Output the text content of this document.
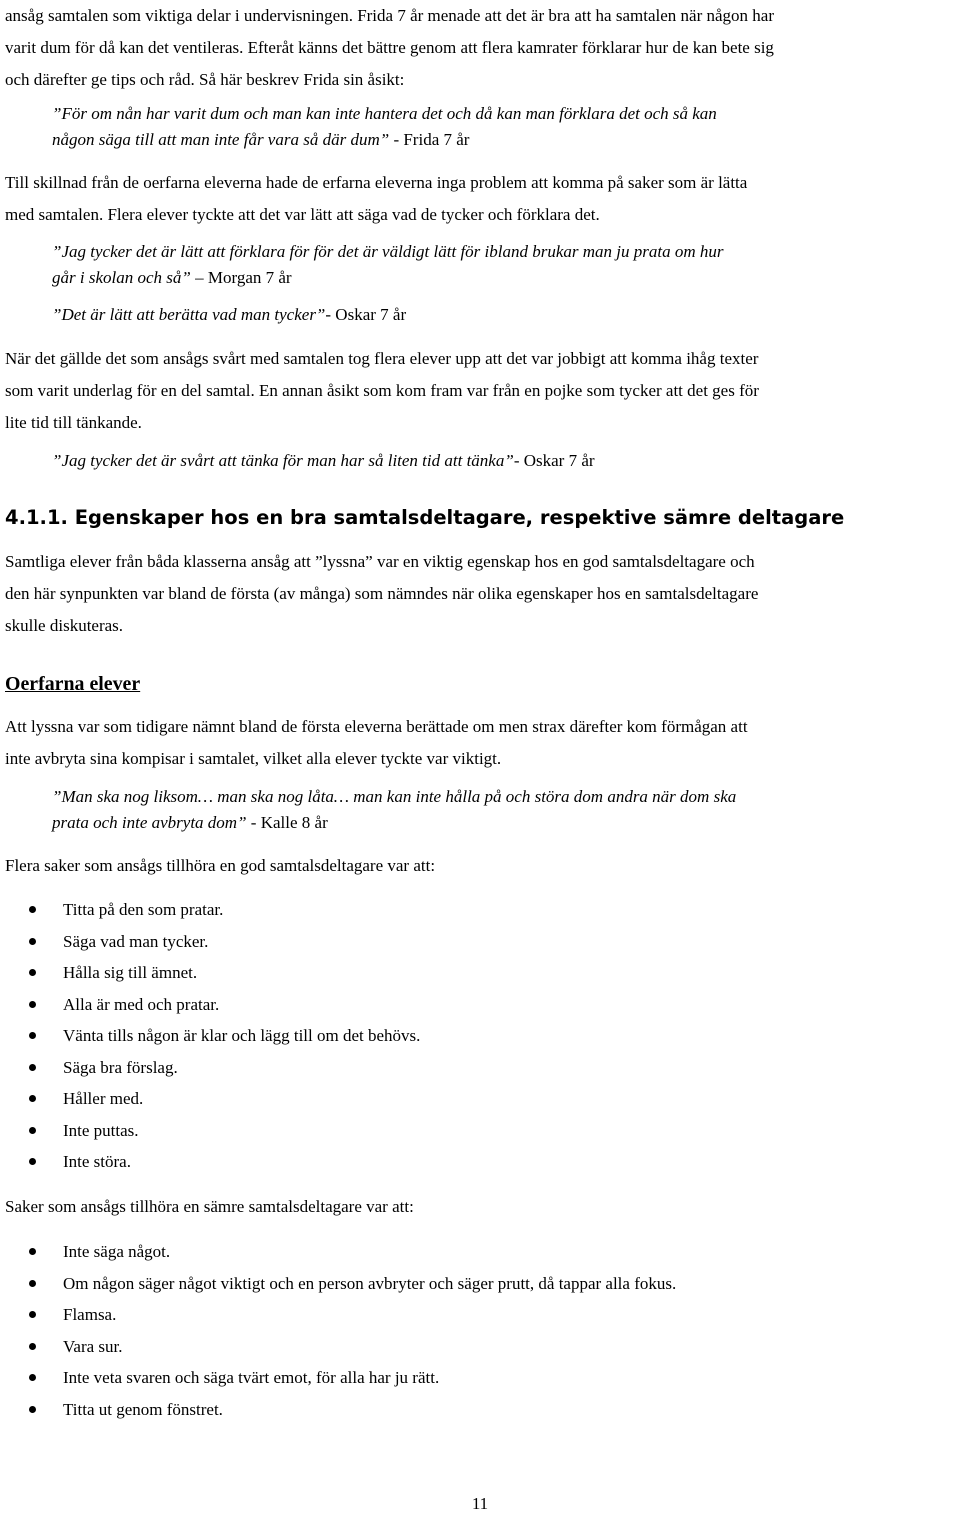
ansåg samtalen som viktiga delar i undervisningen. Frida 7 år menade att det är bra att ha samtalen när någon har
varit dum för då kan det ventileras. Efteråt känns det bättre genom att flera kamrater förklarar hur de kan bete sig
och därefter ge tips och råd. Så här beskrev Frida sin åsikt:

”För om nån har varit dum och man kan inte hantera det och då kan man förklara det och så kan
någon säga till att man inte får vara så där dum” - Frida 7 år

Till skillnad från de oerfarna eleverna hade de erfarna eleverna inga problem att komma på saker som är lätta
med samtalen. Flera elever tyckte att det var lätt att säga vad de tycker och förklara det.

”Jag tycker det är lätt att förklara för för det är väldigt lätt för ibland brukar man ju prata om hur
går i skolan och så” – Morgan 7 år

”Det är lätt att berätta vad man tycker”- Oskar 7 år

När det gällde det som ansågs svårt med samtalen tog flera elever upp att det var jobbigt att komma ihåg texter
som varit underlag för en del samtal. En annan åsikt som kom fram var från en pojke som tycker att det ges för
lite tid till tänkande.

”Jag tycker det är svårt att tänka för man har så liten tid att tänka”- Oskar 7 år

4.1.1. Egenskaper hos en bra samtalsdeltagare, respektive sämre deltagare

Samtliga elever från båda klasserna ansåg att ”lyssna” var en viktig egenskap hos en god samtalsdeltagare och
den här synpunkten var bland de första (av många) som nämndes när olika egenskaper hos en samtalsdeltagare
skulle diskuteras.

Oerfarna elever

Att lyssna var som tidigare nämnt bland de första eleverna berättade om men strax därefter kom förmågan att
inte avbryta sina kompisar i samtalet, vilket alla elever tyckte var viktigt.

”Man ska nog liksom… man ska nog låta… man kan inte hålla på och störa dom andra när dom ska
prata och inte avbryta dom” - Kalle 8 år

Flera saker som ansågs tillhöra en god samtalsdeltagare var att:

Titta på den som pratar.
Säga vad man tycker.
Hålla sig till ämnet.
Alla är med och pratar.
Vänta tills någon är klar och lägg till om det behövs.
Säga bra förslag.
Håller med.
Inte puttas.
Inte störa.

Saker som ansågs tillhöra en sämre samtalsdeltagare var att:

Inte säga något.
Om någon säger något viktigt och en person avbryter och säger prutt, då tappar alla fokus.
Flamsa.
Vara sur.
Inte veta svaren och säga tvärt emot, för alla har ju rätt.
Titta ut genom fönstret.
11
